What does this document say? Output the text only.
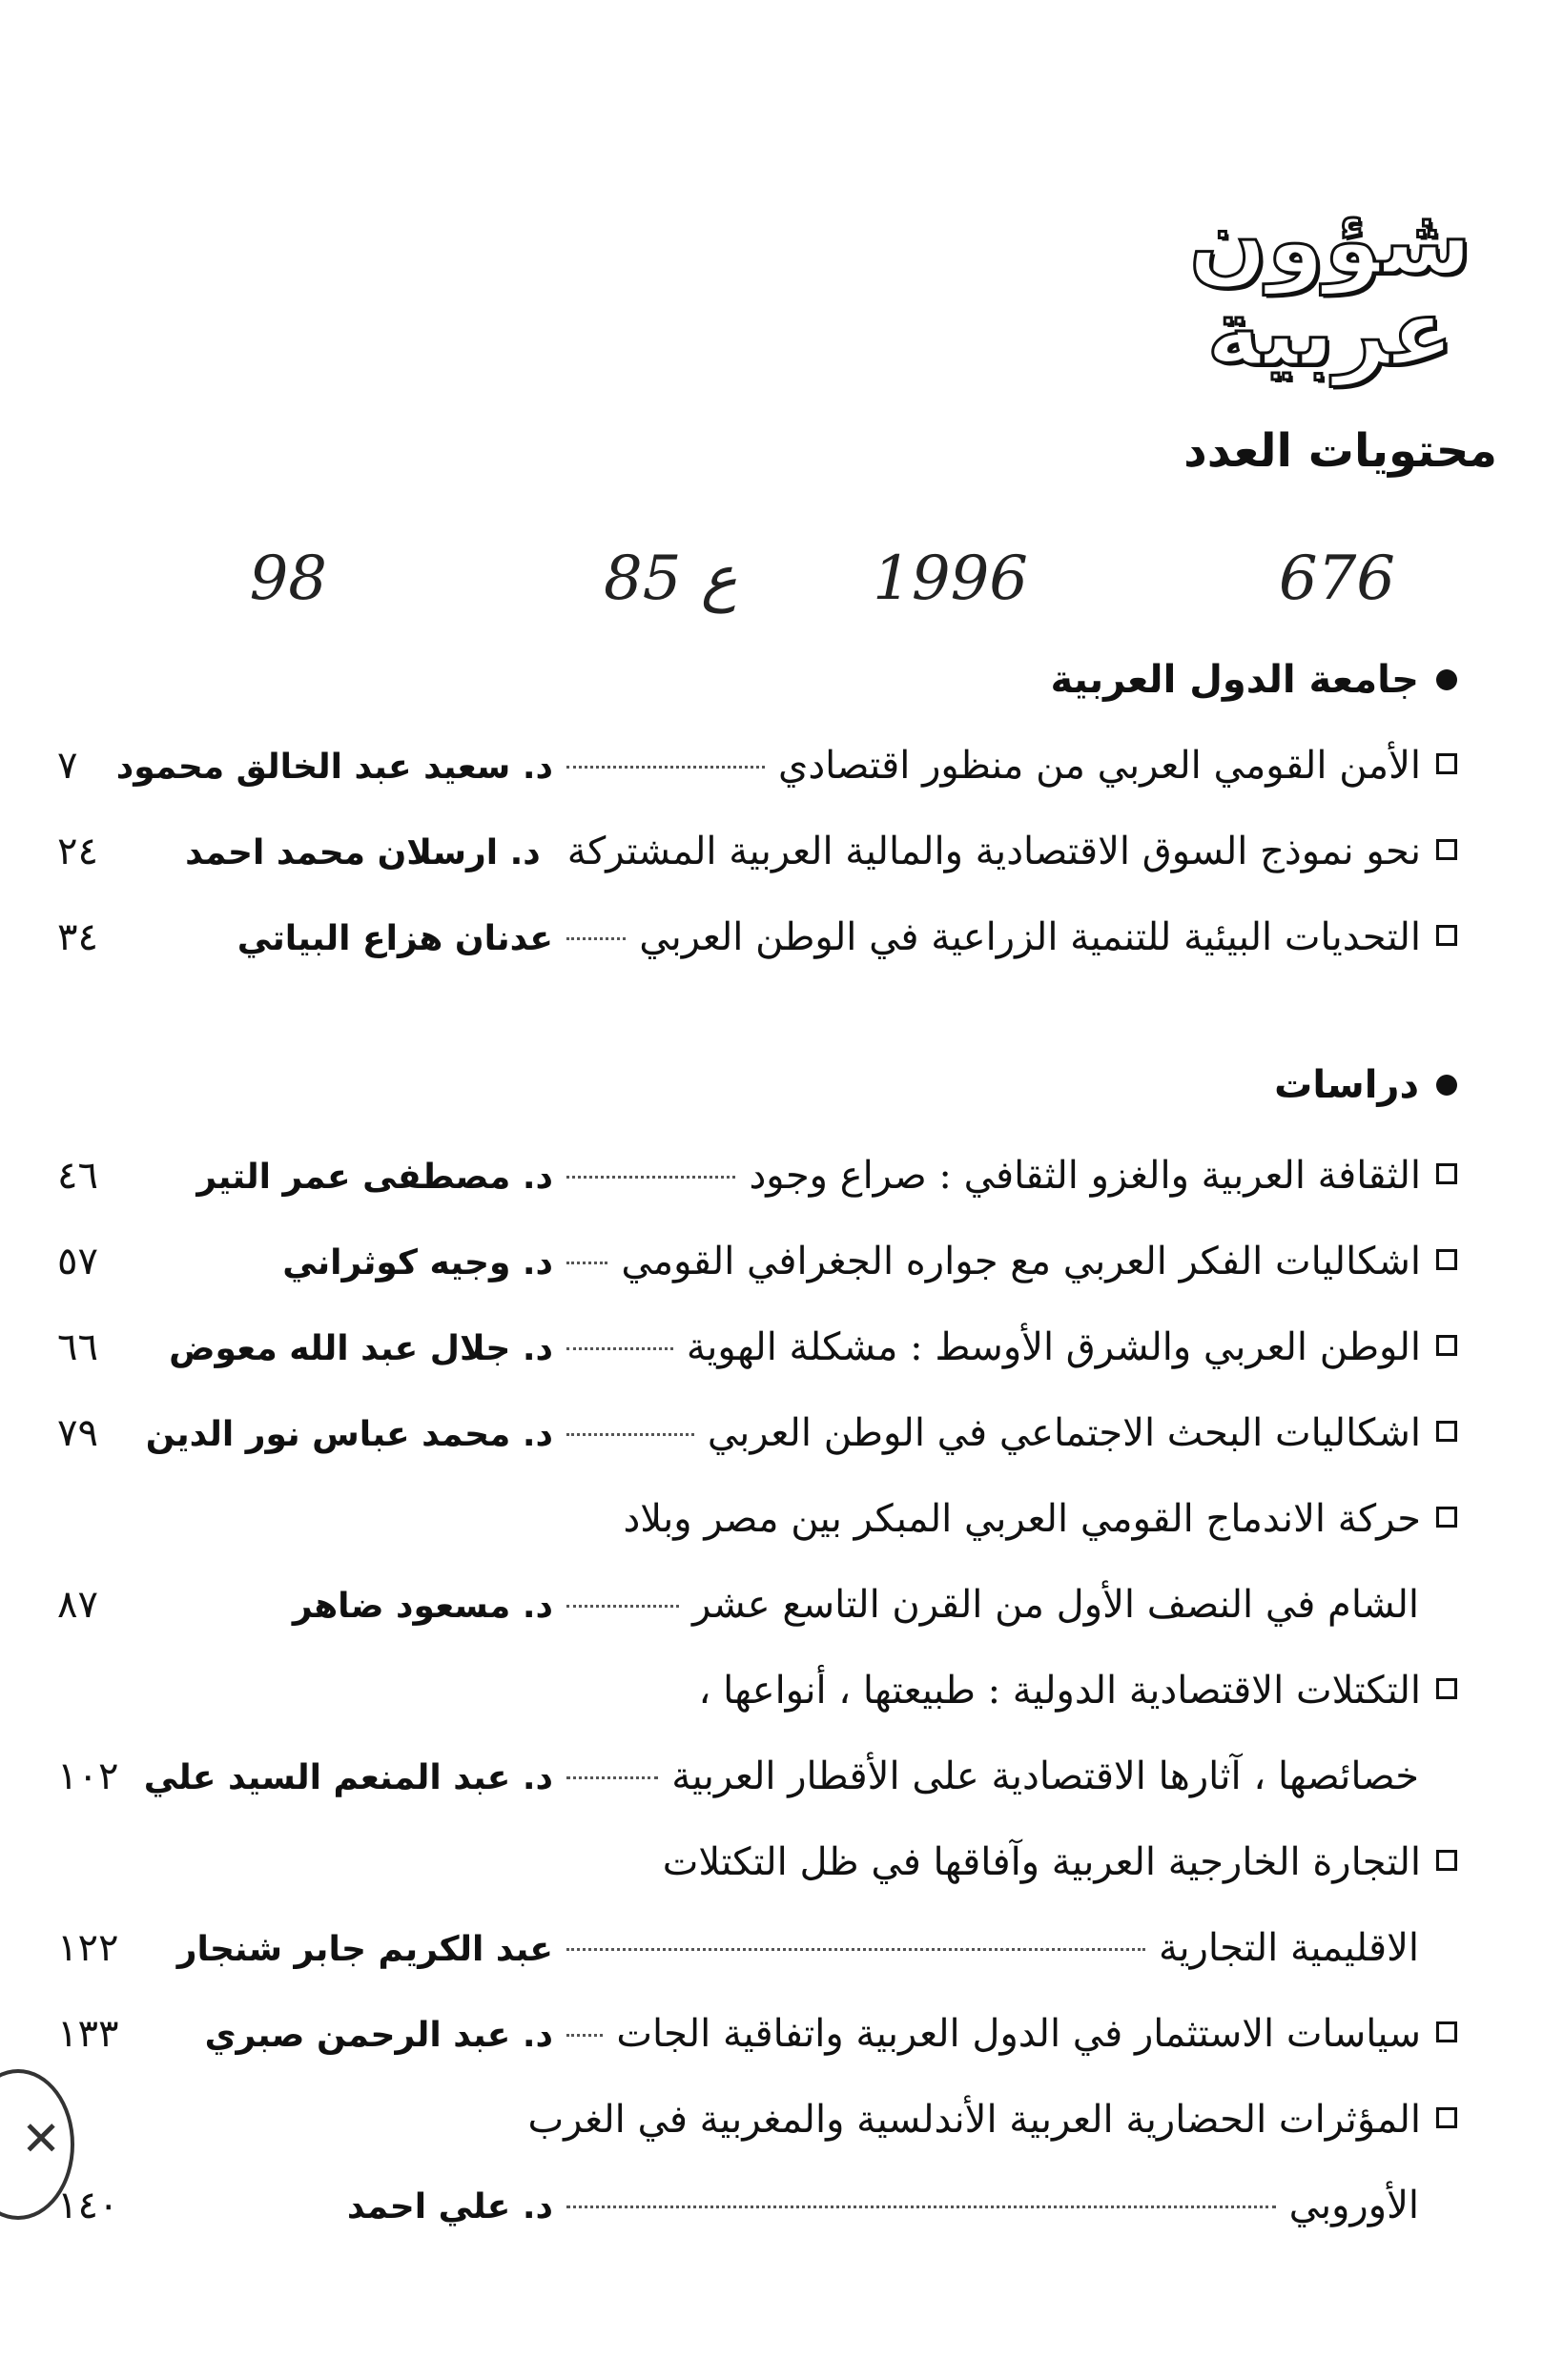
شؤون
عربية
محتويات العدد
676
1996
ع 85
98
جامعة الدول العربية
الأمن القومي العربي من منظور اقتصادي
د. سعيد عبد الخالق محمود
٧
نحو نموذج السوق الاقتصادية والمالية العربية المشتركة
د. ارسلان محمد احمد
٢٤
التحديات البيئية للتنمية الزراعية في الوطن العربي
عدنان هزاع البياتي
٣٤
دراسات
الثقافة العربية والغزو الثقافي : صراع وجود
د. مصطفى عمر التير
٤٦
اشكاليات الفكر العربي مع جواره الجغرافي القومي
د. وجيه كوثراني
٥٧
الوطن العربي والشرق الأوسط : مشكلة الهوية
د. جلال عبد الله معوض
٦٦
اشكاليات البحث الاجتماعي في الوطن العربي
د. محمد عباس نور الدين
٧٩
حركة الاندماج القومي العربي المبكر بين مصر وبلاد
الشام في النصف الأول من القرن التاسع عشر
د. مسعود ضاهر
٨٧
التكتلات الاقتصادية الدولية : طبيعتها ، أنواعها ،
خصائصها ، آثارها الاقتصادية على الأقطار العربية
د. عبد المنعم السيد علي
١٠٢
التجارة الخارجية العربية وآفاقها في ظل التكتلات
الاقليمية التجارية
عبد الكريم جابر شنجار
١٢٢
سياسات الاستثمار في الدول العربية واتفاقية الجات
د. عبد الرحمن صبري
١٣٣
المؤثرات الحضارية العربية الأندلسية والمغربية في الغرب
الأوروبي
د. علي احمد
١٤٠
✕
